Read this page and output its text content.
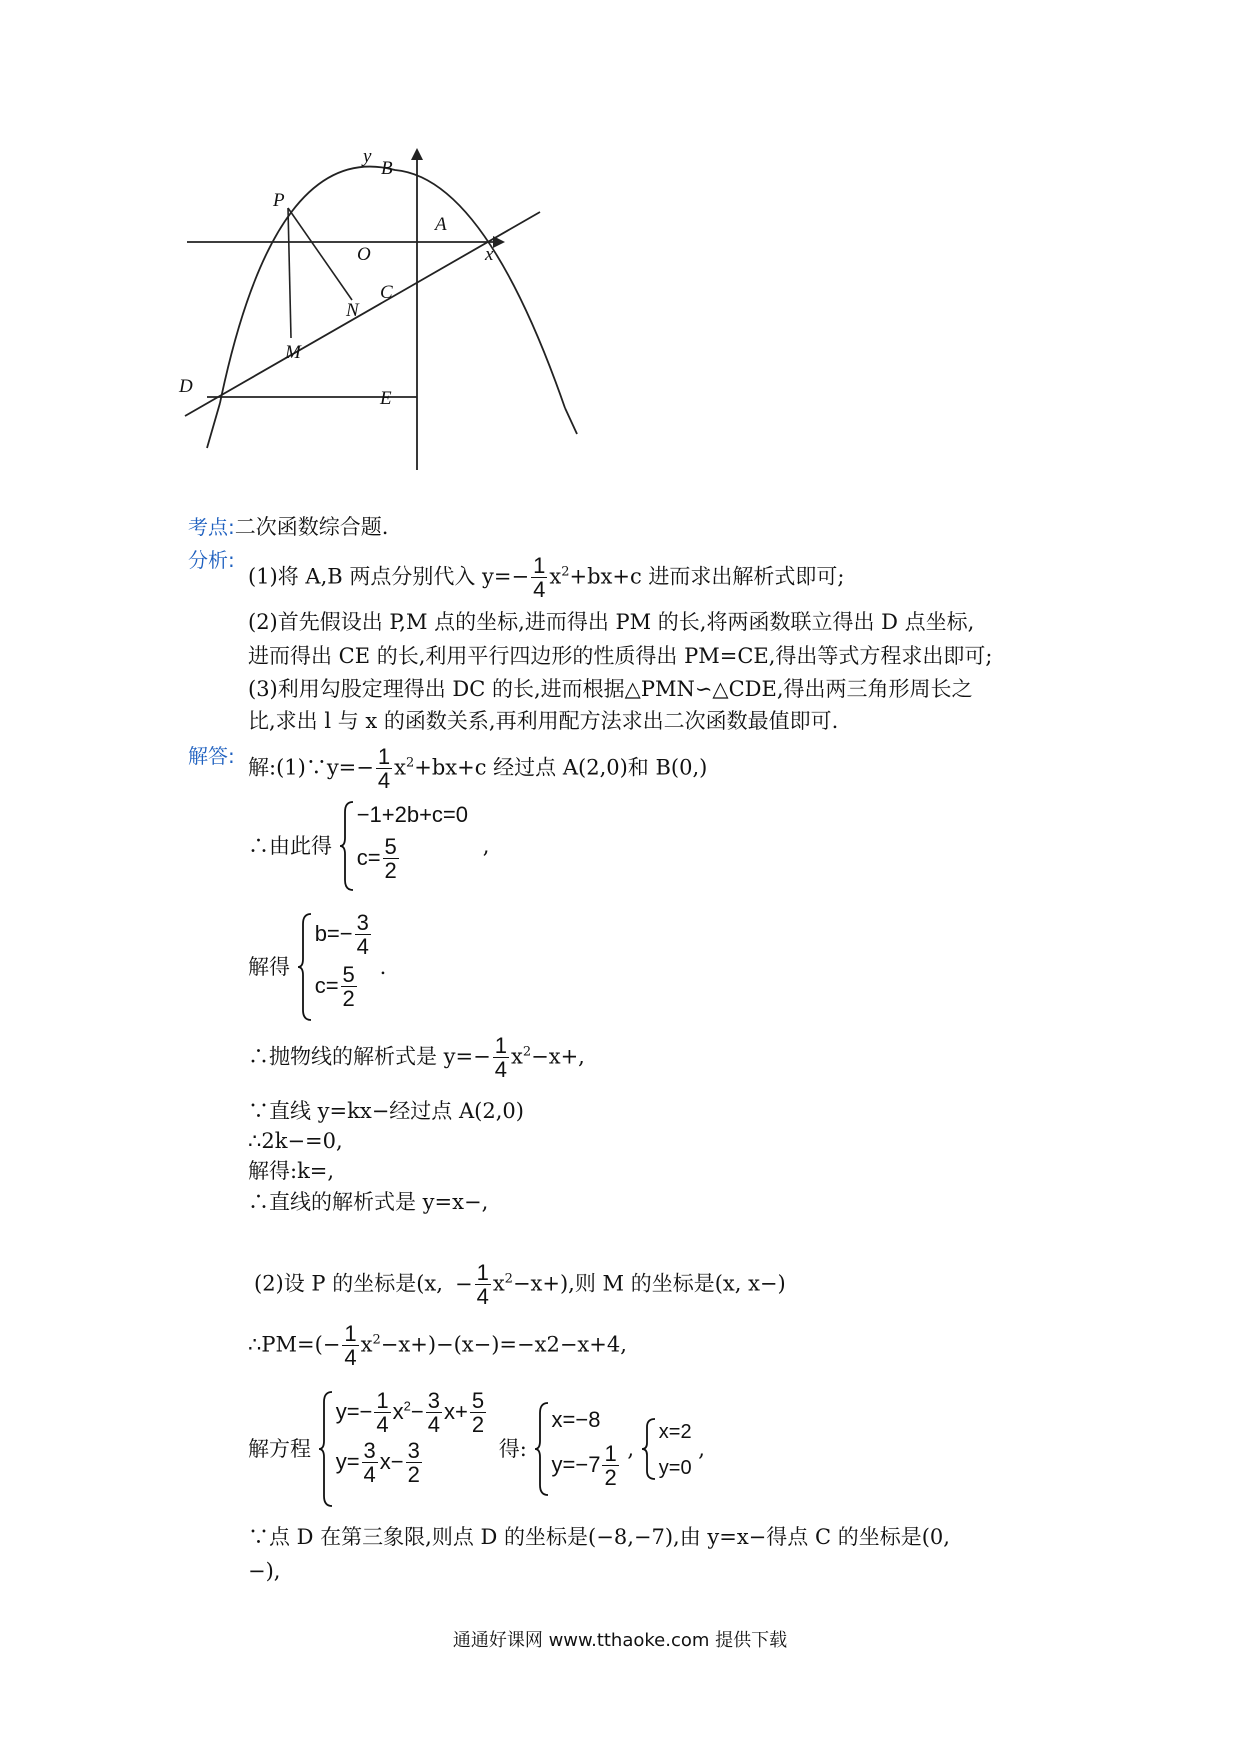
y
B
P
A
x
O
C
N
M
D
E
考点:二次函数综合题.
分析:
(1)将 A,B 两点分别代入 $y=- \frac{1}{4} x^2+bx+c$ 进而求出解析式即可;
(2)首先假设出 P,M 点的坐标,进而得出 PM 的长,将两函数联立得出 D 点坐标,
进而得出 CE 的长,利用平行四边形的性质得出 PM=CE,得出等式方程求出即可;
(3)利用勾股定理得出 DC 的长,进而根据△PMN∽△CDE,得出两三角形周长之
比,求出 l 与 x 的函数关系,再利用配方法求出二次函数最值即可.
解答: 解:(1)∵y=− $\frac{1}{4} x^2+bx+c$ 经过点 A(2,0)和 B(0,)
∴由此得
−1+2b+c=0
$c= \frac{5}{2}$	,
解得
$b=- \frac{3}{4}$
$c= \frac{5}{2}$ .
∴抛物线的解析式是 $y=- \frac{1}{4} x^2-x+$,
∵直线 y=kx−经过点 A(2,0)
∴2k−=0,
解得:k=,
∴直线的解析式是 y=x−,
(2)设 P 的坐标是(x, − $\frac{1}{4} x^2-x+$),则 M 的坐标是(x, x−)
∴PM=(− $\frac{1}{4} x^2-x+)-(x-)=-x2-x+4$,
解方程
$y=- \frac{1}{4} x^2- \frac{3}{4} x+ \frac{5}{2}$
$y= \frac{3}{4} x- \frac{3}{2}$	得:
x=−8
$y=-7 \frac{1}{2}$ ,
x=2
y=0
,
∵点 D 在第三象限,则点 D 的坐标是(−8,−7),由 y=x−得点 C 的坐标是(0,
−),
通通好课网 www.tthaoke.com 提供下载
